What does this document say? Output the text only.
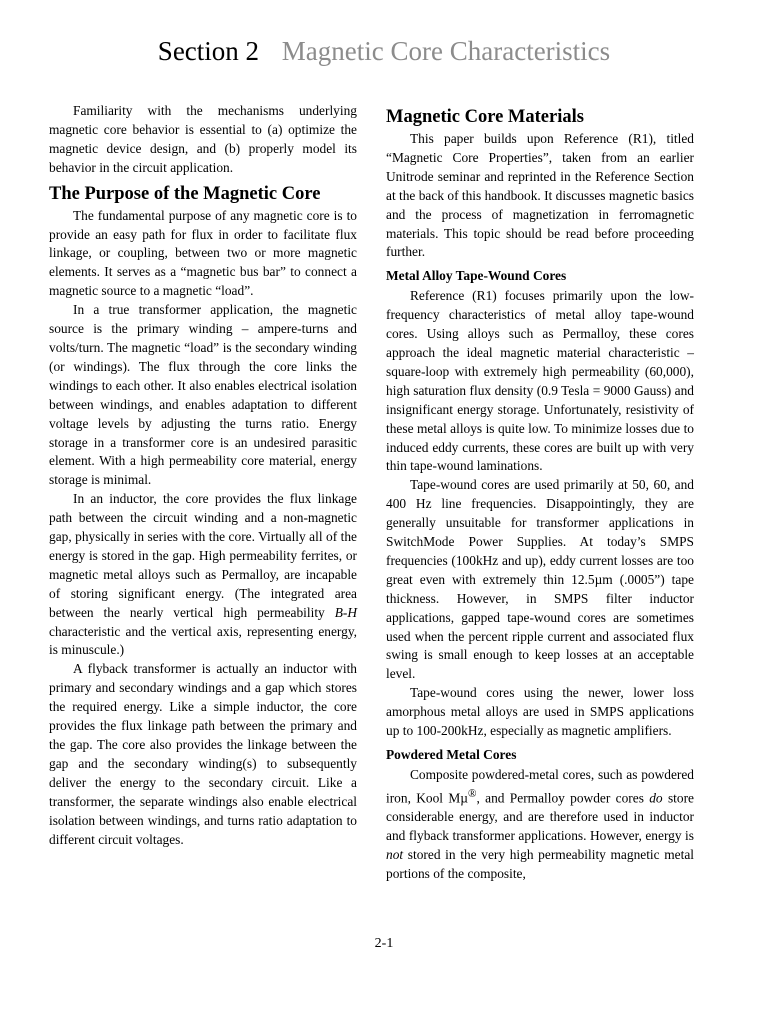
Section 2 Magnetic Core Characteristics

Familiarity with the mechanisms underlying magnetic core behavior is essential to (a) optimize the magnetic device design, and (b) properly model its behavior in the circuit application.

The Purpose of the Magnetic Core

The fundamental purpose of any magnetic core is to provide an easy path for flux in order to facilitate flux linkage, or coupling, between two or more magnetic elements. It serves as a “magnetic bus bar” to connect a magnetic source to a magnetic “load”.

In a true transformer application, the magnetic source is the primary winding – ampere-turns and volts/turn. The magnetic “load” is the secondary winding (or windings). The flux through the core links the windings to each other. It also enables electrical isolation between windings, and enables adaptation to different voltage levels by adjusting the turns ratio. Energy storage in a transformer core is an undesired parasitic element. With a high permeability core material, energy storage is minimal.

In an inductor, the core provides the flux linkage path between the circuit winding and a non-magnetic gap, physically in series with the core. Virtually all of the energy is stored in the gap. High permeability ferrites, or magnetic metal alloys such as Permalloy, are incapable of storing significant energy. (The integrated area between the nearly vertical high permeability B-H characteristic and the vertical axis, representing energy, is minuscule.)

A flyback transformer is actually an inductor with primary and secondary windings and a gap which stores the required energy. Like a simple inductor, the core provides the flux linkage path between the primary and the gap. The core also provides the linkage between the gap and the secondary winding(s) to subsequently deliver the energy to the secondary circuit. Like a transformer, the separate windings also enable electrical isolation between windings, and turns ratio adaptation to different circuit voltages.

Magnetic Core Materials

This paper builds upon Reference (R1), titled “Magnetic Core Properties”, taken from an earlier Unitrode seminar and reprinted in the Reference Section at the back of this handbook. It discusses magnetic basics and the process of magnetization in ferromagnetic materials. This topic should be read before proceeding further.

Metal Alloy Tape-Wound Cores

Reference (R1) focuses primarily upon the low-frequency characteristics of metal alloy tape-wound cores. Using alloys such as Permalloy, these cores approach the ideal magnetic material characteristic – square-loop with extremely high permeability (60,000), high saturation flux density (0.9 Tesla = 9000 Gauss) and insignificant energy storage. Unfortunately, resistivity of these metal alloys is quite low. To minimize losses due to induced eddy currents, these cores are built up with very thin tape-wound laminations.

Tape-wound cores are used primarily at 50, 60, and 400 Hz line frequencies. Disappointingly, they are generally unsuitable for transformer applications in SwitchMode Power Supplies. At today’s SMPS frequencies (100kHz and up), eddy current losses are too great even with extremely thin 12.5µm (.0005”) tape thickness. However, in SMPS filter inductor applications, gapped tape-wound cores are sometimes used when the percent ripple current and associated flux swing is small enough to keep losses at an acceptable level.

Tape-wound cores using the newer, lower loss amorphous metal alloys are used in SMPS applications up to 100-200kHz, especially as magnetic amplifiers.

Powdered Metal Cores

Composite powdered-metal cores, such as powdered iron, Kool Mµ®, and Permalloy powder cores do store considerable energy, and are therefore used in inductor and flyback transformer applications. However, energy is not stored in the very high permeability magnetic metal portions of the composite,

2-1
